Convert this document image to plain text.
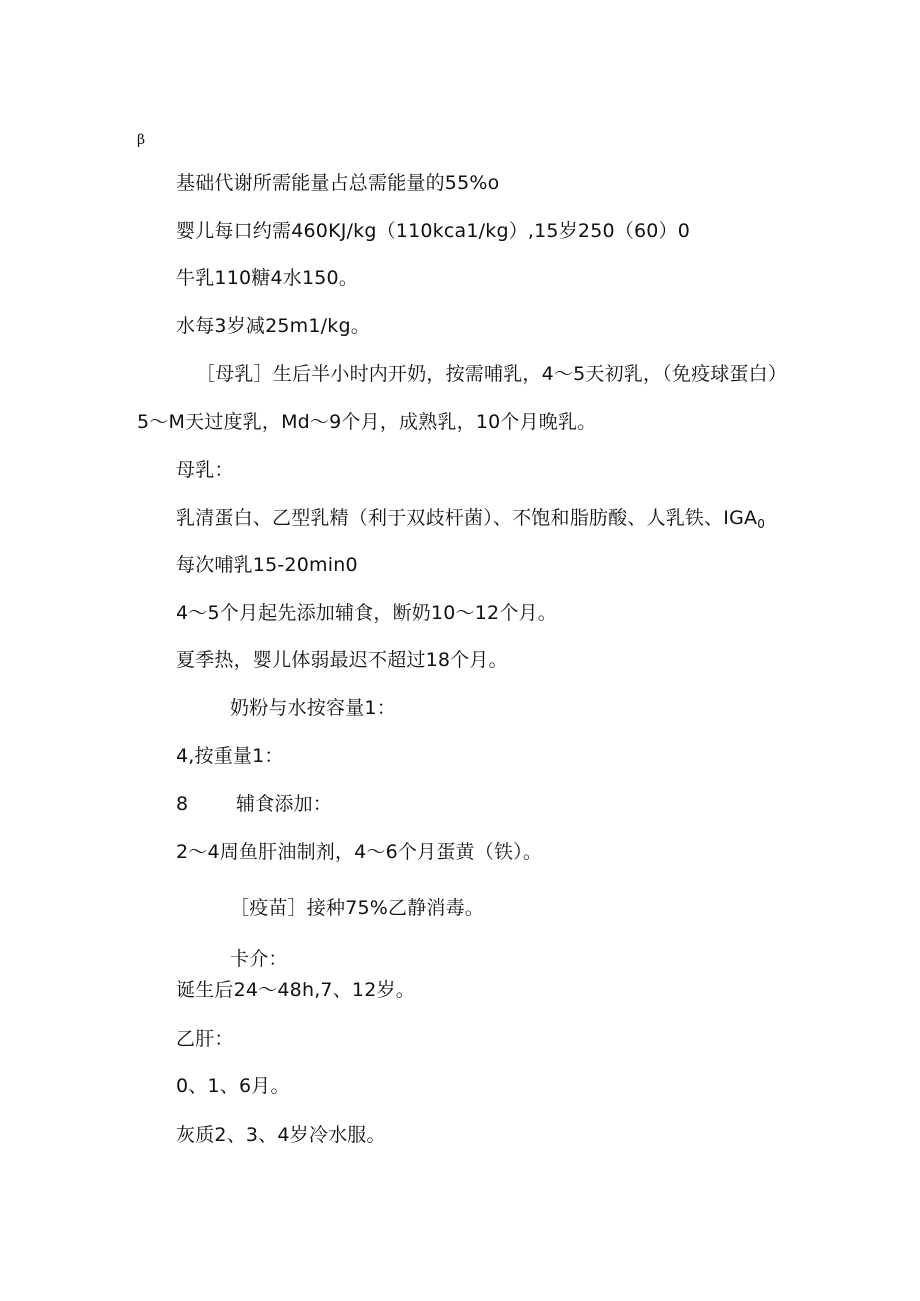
β
基础代谢所需能量占总需能量的55%o
婴儿每口约需460KJ/kg（110kca1/kg）,15岁250（60）0
牛乳110糖4水150。
水每3岁减25m1/kg。
［母乳］生后半小时内开奶，按需哺乳，4〜5天初乳，（免疫球蛋白）
5〜M天过度乳，Md〜9个月，成熟乳，10个月晚乳。
母乳：
乳清蛋白、乙型乳精（利于双歧杆菌）、不饱和脂肪酸、人乳铁、$IGA_0$
每次哺乳15-20min0
4〜5个月起先添加辅食，断奶10〜12个月。
夏季热，婴儿体弱最迟不超过18个月。
奶粉与水按容量1：
4,按重量1：
8	辅食添加：
2〜4周鱼肝油制剂，4〜6个月蛋黄（铁）。
［疫苗］接种75%乙静消毒。
卡介：
诞生后24〜48h,7、12岁。
乙肝：
0、1、6月。
灰质2、3、4岁冷水服。
